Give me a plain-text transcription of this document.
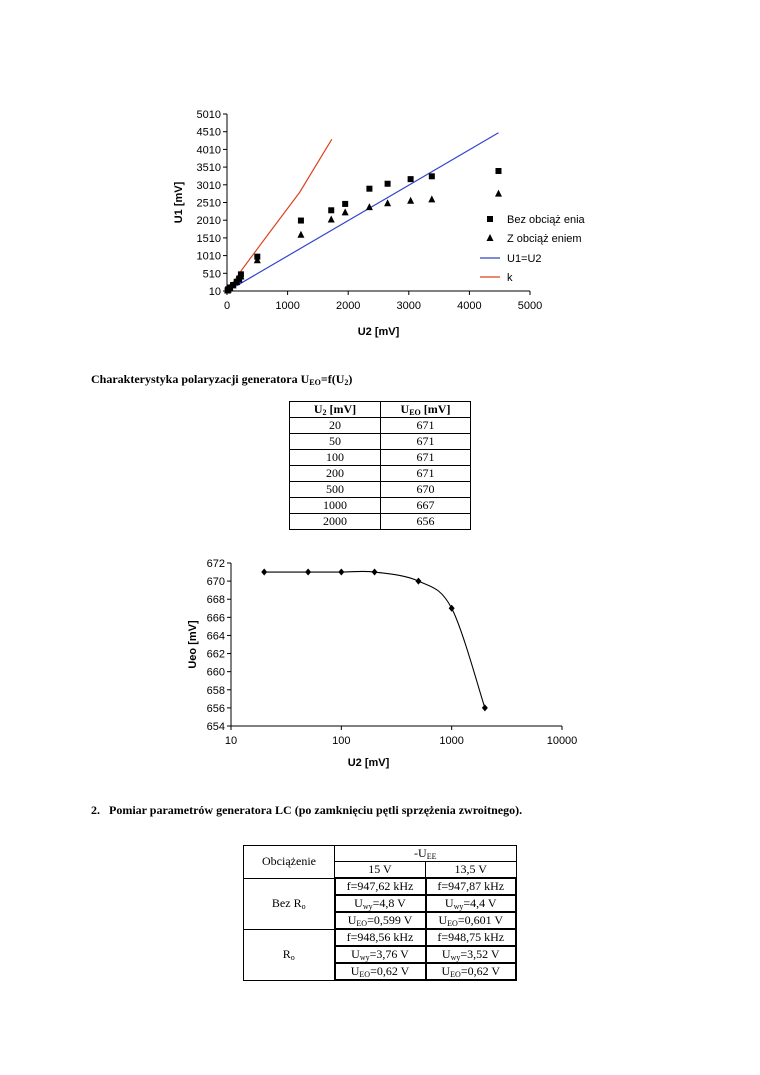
10
510
1010
1510
2010
2510
3010
3510
4010
4510
5010
0	1000	2000	3000	4000	5000
U2 [mV]
U1 [mV]	Bez obciąż enia
Z obciąż eniem
U1=U2
k
Charakterystyka polaryzacji generatora $U_{EO}=f(U_2)$
$U_2$ [mV]	$U_{EO}$ [mV]
20	671
50	671
100	671
200	671
500	670
1000	667
2000	656
654
656
658
660
662
664
666
668
670
672
10	100	1000	10000
U2 [mV]
Ueo [mV]
2. Pomiar parametrów generatora LC (po zamknięciu pętli sprzężenia zwroitnego).
Obciążenie	$-U_{EE}$
	15 V	13,5 V
Bez $R_o$	f=947,62 kHz	f=947,87 kHz
	$U_{wy}=4,8$ V	$U_{wy}=4,4$ V
	$U_{EO}=0,599$ V	$U_{EO}=0,601$ V
$R_o$	f=948,56 kHz	f=948,75 kHz
	$U_{wy}=3,76$ V	$U_{wy}=3,52$ V
	$U_{EO}=0,62$ V	$U_{EO}=0,62$ V
